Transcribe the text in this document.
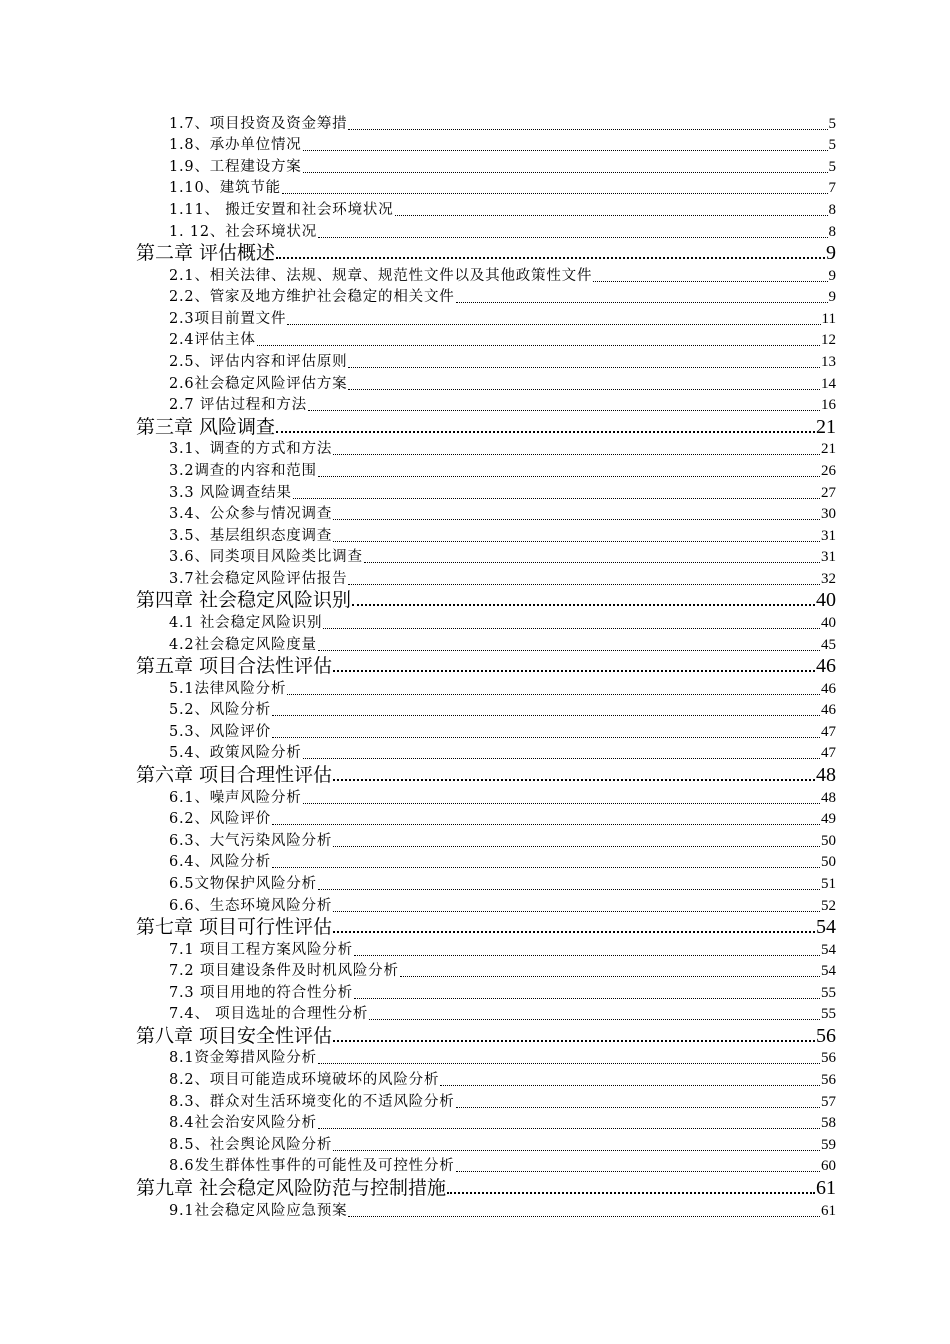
1.7、项目投资及资金筹措	5
1.8、承办单位情况	5
1.9、工程建设方案	5
1.10、建筑节能	7
1.11、 搬迁安置和社会环境状况	8
1. 12、社会环境状况	8
第二章 评估概述	9
2.1、相关法律、法规、规章、规范性文件以及其他政策性文件	9
2.2、管家及地方维护社会稳定的相关文件	9
2.3项目前置文件	11
2.4评估主体	12
2.5、评估内容和评估原则	13
2.6社会稳定风险评估方案	14
2.7 评估过程和方法	16
第三章 风险调查	21
3.1、调查的方式和方法	21
3.2调查的内容和范围	26
3.3 风险调查结果	27
3.4、公众参与情况调查	30
3.5、基层组织态度调查	31
3.6、同类项目风险类比调查	31
3.7社会稳定风险评估报告	32
第四章 社会稳定风险识别	40
4.1 社会稳定风险识别	40
4.2社会稳定风险度量	45
第五章 项目合法性评估	46
5.1法律风险分析	46
5.2、风险分析	46
5.3、风险评价	47
5.4、政策风险分析	47
第六章 项目合理性评估	48
6.1、噪声风险分析	48
6.2、风险评价	49
6.3、大气污染风险分析	50
6.4、风险分析	50
6.5文物保护风险分析	51
6.6、生态环境风险分析	52
第七章 项目可行性评估	54
7.1 项目工程方案风险分析	54
7.2 项目建设条件及时机风险分析	54
7.3 项目用地的符合性分析	55
7.4、 项目选址的合理性分析	55
第八章 项目安全性评估	56
8.1资金筹措风险分析	56
8.2、项目可能造成环境破坏的风险分析	56
8.3、群众对生活环境变化的不适风险分析	57
8.4社会治安风险分析	58
8.5、社会舆论风险分析	59
8.6发生群体性事件的可能性及可控性分析	60
第九章 社会稳定风险防范与控制措施	61
9.1社会稳定风险应急预案	61
